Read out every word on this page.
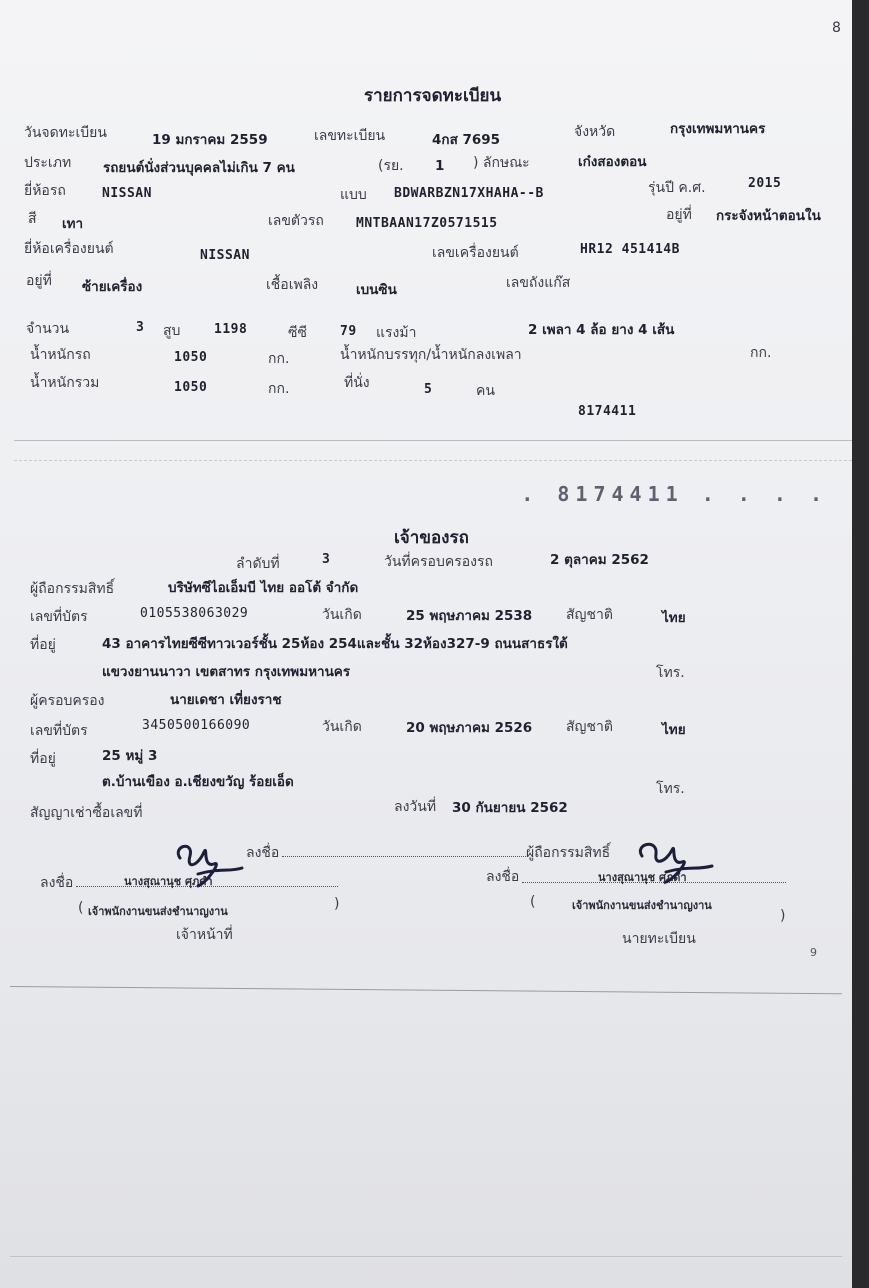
8
รายการจดทะเบียน
วันจดทะเบียน	19 มกราคม 2559	เลขทะเบียน	4กส 7695	จังหวัด	กรุงเทพมหานคร
ประเภท รถยนต์นั่งส่วนบุคคลไม่เกิน 7 คน	(รย. 1 ) ลักษณะ	เก๋งสองตอน
ยี่ห้อรถ	NISSAN	แบบ BDWARBZN17XHAHA--B	รุ่นปี ค.ศ.	2015
สี เทา	เลขตัวรถ MNTBAAN17Z0571515
อยู่ที่ กระจังหน้าตอนใน
ยี่ห้อเครื่องยนต์	NISSAN	เลขเครื่องยนต์	HR12 451414B
อยู่ที่ ซ้ายเครื่อง	เชื้อเพลิง	เบนซิน	เลขถังแก๊ส
จำนวน	3 สูบ	1198	ซีซี	79 แรงม้า	2 เพลา 4 ล้อ ยาง 4 เส้น
น้ำหนักรถ	1050	กก.	น้ำหนักบรรทุก/น้ำหนักลงเพลา	กก.
น้ำหนักรวม	1050	กก.	ที่นั่ง	5	คน
8174411
. 8174411 . . . .
เจ้าของรถ
ลำดับที่	3	วันที่ครอบครองรถ	2 ตุลาคม 2562
ผู้ถือกรรมสิทธิ์	บริษัทซีไอเอ็มบี ไทย ออโต้ จำกัด
เลขที่บัตร	0105538063029	วันเกิด	25 พฤษภาคม 2538 สัญชาติ	ไทย
ที่อยู่	43 อาคารไทยซีซีทาวเวอร์ชั้น 25ห้อง 254และชั้น 32ห้อง327-9 ถนนสาธรใต้
แขวงยานนาวา เขตสาทร กรุงเทพมหานคร	โทร.
ผู้ครอบครอง	นายเดชา เที่ยงราช
เลขที่บัตร	3450500166090	วันเกิด	20 พฤษภาคม 2526 สัญชาติ	ไทย
ที่อยู่	25 หมู่ 3
ต.บ้านเขือง อ.เชียงขวัญ ร้อยเอ็ด	โทร.
สัญญาเช่าซื้อเลขที่	ลงวันที่ 30 กันยายน 2562
ลงชื่อ	ผู้ถือกรรมสิทธิ์
ลงชื่อ	นางสุณานุช ศุภดำ
( เจ้าพนักงานขนส่งชำนาญงาน	)
เจ้าหน้าที่
ลงชื่อ	นางสุณานุช ศุภดำ
(	เจ้าพนักงานขนส่งชำนาญงาน
)
นายทะเบียน
9
